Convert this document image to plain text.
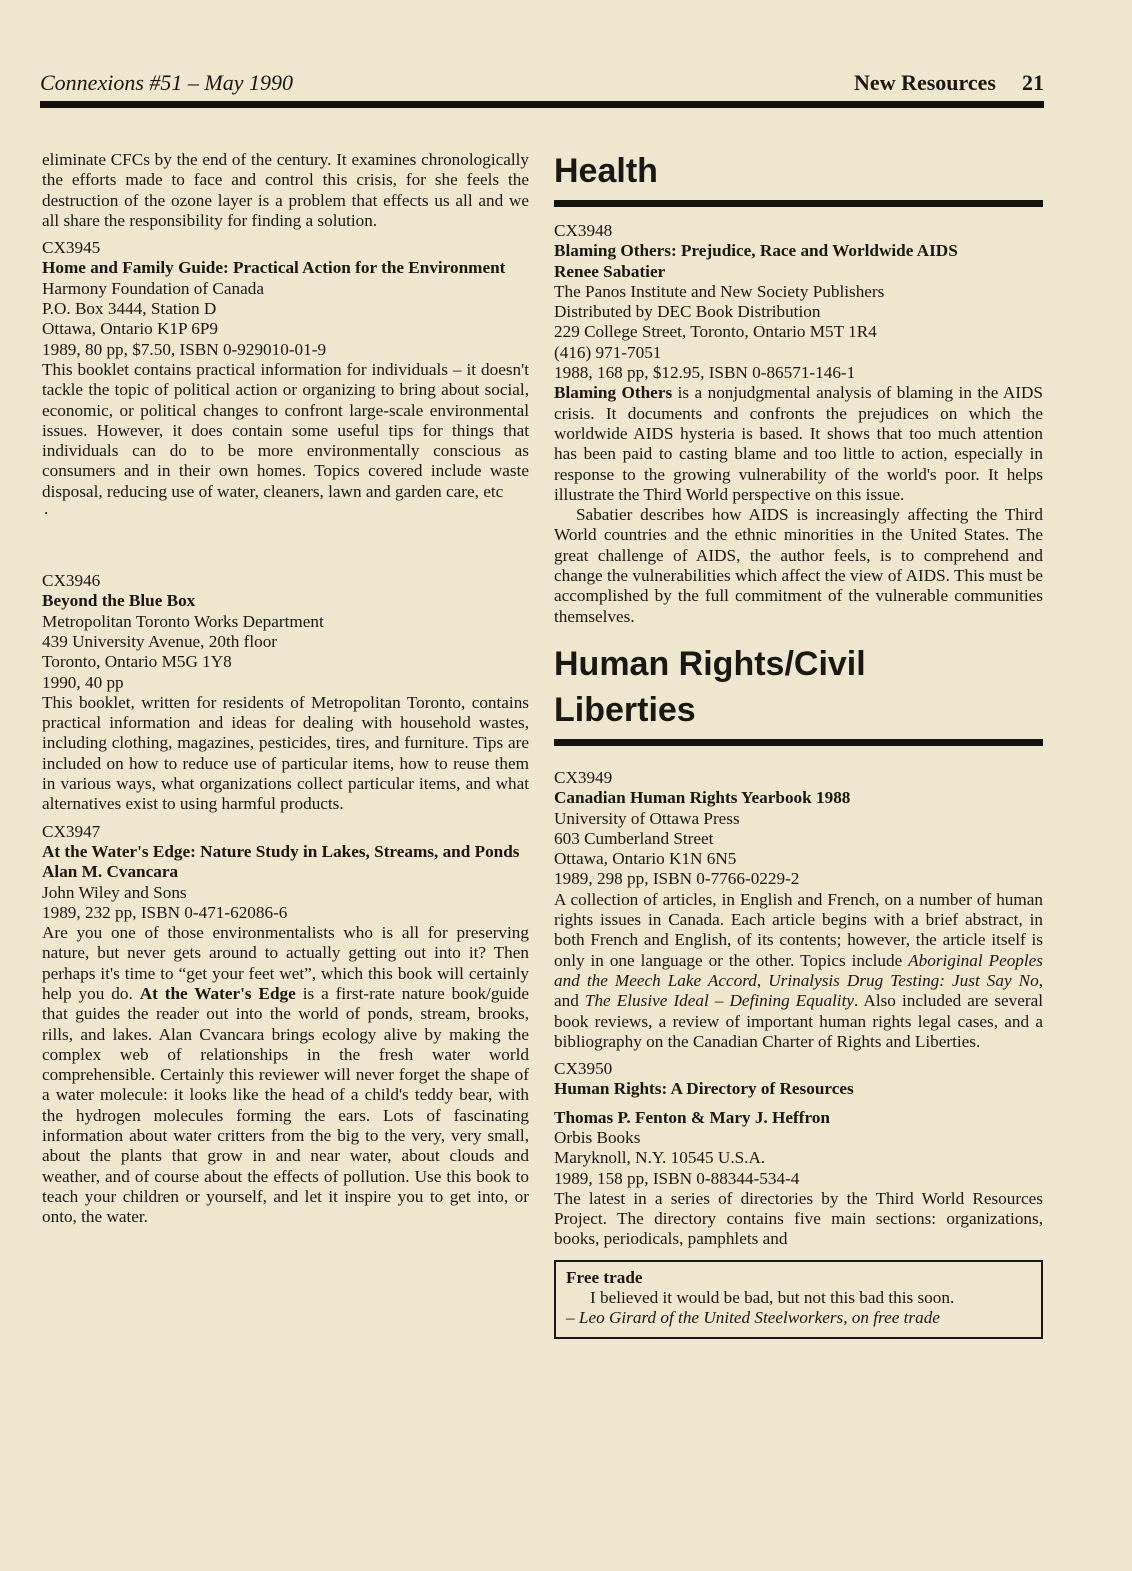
Connexions #51 – May 1990	New Resources 21

eliminate CFCs by the end of the century. It examines chronologically the efforts made to face and control this crisis, for she feels the destruction of the ozone layer is a problem that effects us all and we all share the responsibility for finding a solution.

CX3945

Home and Family Guide: Practical Action for the Environment

Harmony Foundation of Canada

P.O. Box 3444, Station D

Ottawa, Ontario K1P 6P9

1989, 80 pp, $7.50, ISBN 0-929010-01-9

This booklet contains practical information for individuals – it doesn't tackle the topic of political action or organizing to bring about social, economic, or political changes to confront large-scale environmental issues. However, it does contain some useful tips for things that individuals can do to be more environmentally conscious as consumers and in their own homes. Topics covered include waste disposal, reducing use of water, cleaners, lawn and garden care, etc

.

CX3946

Beyond the Blue Box

Metropolitan Toronto Works Department

439 University Avenue, 20th floor

Toronto, Ontario M5G 1Y8

1990, 40 pp

This booklet, written for residents of Metropolitan Toronto, contains practical information and ideas for dealing with household wastes, including clothing, magazines, pesticides, tires, and furniture. Tips are included on how to reduce use of particular items, how to reuse them in various ways, what organizations collect particular items, and what alternatives exist to using harmful products.

CX3947

At the Water's Edge: Nature Study in Lakes, Streams, and Ponds

Alan M. Cvancara

John Wiley and Sons

1989, 232 pp, ISBN 0-471-62086-6

Are you one of those environmentalists who is all for preserving nature, but never gets around to actually getting out into it? Then perhaps it's time to “get your feet wet”, which this book will certainly help you do. At the Water's Edge is a first-rate nature book/guide that guides the reader out into the world of ponds, stream, brooks, rills, and lakes. Alan Cvancara brings ecology alive by making the complex web of relationships in the fresh water world comprehensible. Certainly this reviewer will never forget the shape of a water molecule: it looks like the head of a child's teddy bear, with the hydrogen molecules forming the ears. Lots of fascinating information about water critters from the big to the very, very small, about the plants that grow in and near water, about clouds and weather, and of course about the effects of pollution. Use this book to teach your children or yourself, and let it inspire you to get into, or onto, the water.

Health

CX3948

Blaming Others: Prejudice, Race and Worldwide AIDS

Renee Sabatier

The Panos Institute and New Society Publishers

Distributed by DEC Book Distribution

229 College Street, Toronto, Ontario M5T 1R4

(416) 971-7051

1988, 168 pp, $12.95, ISBN 0-86571-146-1

Blaming Others is a nonjudgmental analysis of blaming in the AIDS crisis. It documents and confronts the prejudices on which the worldwide AIDS hysteria is based. It shows that too much attention has been paid to casting blame and too little to action, especially in response to the growing vulnerability of the world's poor. It helps illustrate the Third World perspective on this issue.

Sabatier describes how AIDS is increasingly affecting the Third World countries and the ethnic minorities in the United States. The great challenge of AIDS, the author feels, is to comprehend and change the vulnerabilities which affect the view of AIDS. This must be accomplished by the full commitment of the vulnerable communities themselves.

Human Rights/Civil
Liberties

CX3949

Canadian Human Rights Yearbook 1988

University of Ottawa Press

603 Cumberland Street

Ottawa, Ontario K1N 6N5

1989, 298 pp, ISBN 0-7766-0229-2

A collection of articles, in English and French, on a number of human rights issues in Canada. Each article begins with a brief abstract, in both French and English, of its contents; however, the article itself is only in one language or the other. Topics include Aboriginal Peoples and the Meech Lake Accord, Urinalysis Drug Testing: Just Say No, and The Elusive Ideal – Defining Equality. Also included are several book reviews, a review of important human rights legal cases, and a bibliography on the Canadian Charter of Rights and Liberties.

CX3950

Human Rights: A Directory of Resources

Thomas P. Fenton & Mary J. Heffron

Orbis Books

Maryknoll, N.Y. 10545 U.S.A.

1989, 158 pp, ISBN 0-88344-534-4

The latest in a series of directories by the Third World Resources Project. The directory contains five main sections: organizations, books, periodicals, pamphlets and

Free trade

I believed it would be bad, but not this bad this soon.

– Leo Girard of the United Steelworkers, on free trade
